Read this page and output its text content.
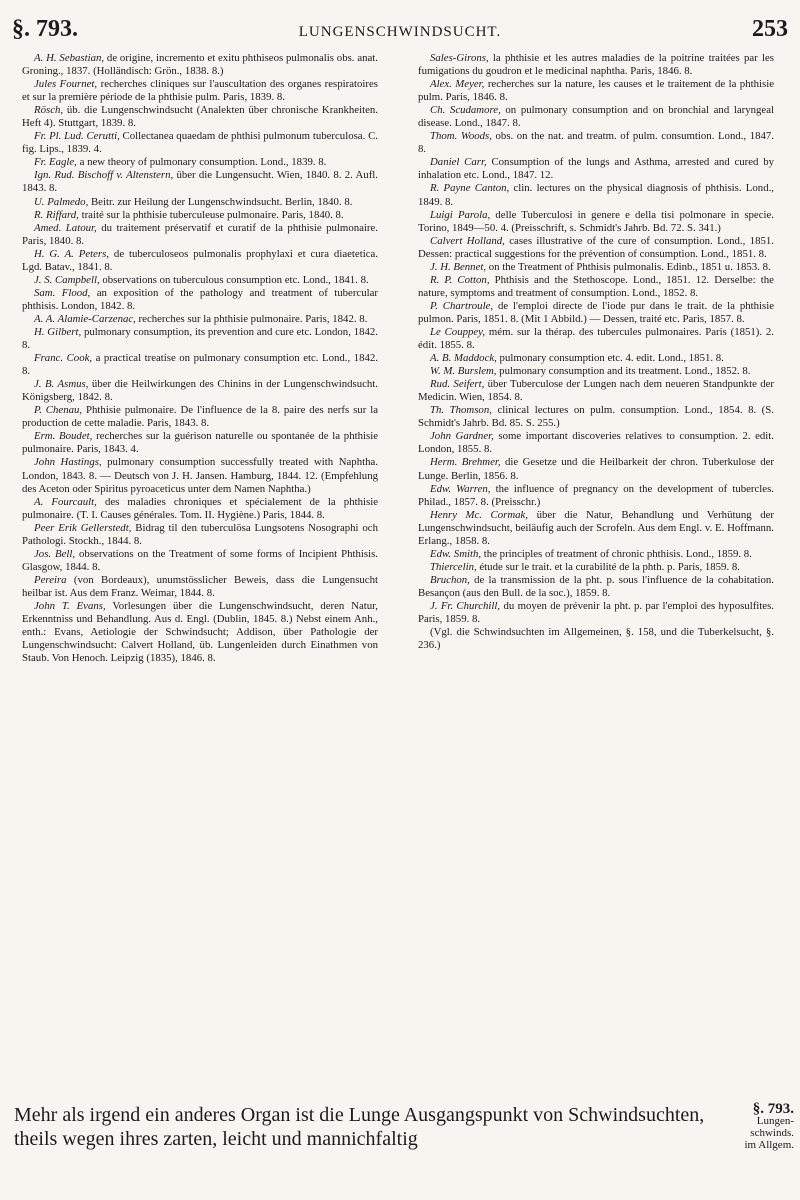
§. 793.	LUNGENSCHWINDSUCHT.	253

A. H. Sebastian, de origine, incremento et exitu phthiseos pulmonalis obs. anat. Groning., 1837. (Holländisch: Grön., 1838. 8.)

Jules Fournet, recherches cliniques sur l'auscultation des organes respiratoires et sur la première période de la phthisie pulm. Paris, 1839. 8.

Rösch, üb. die Lungenschwindsucht (Analekten über chronische Krankheiten. Heft 4). Stuttgart, 1839. 8.

Fr. Pl. Lud. Cerutti, Collectanea quaedam de phthisi pulmonum tuberculosa. C. fig. Lips., 1839. 4.

Fr. Eagle, a new theory of pulmonary consumption. Lond., 1839. 8.

Ign. Rud. Bischoff v. Altenstern, über die Lungensucht. Wien, 1840. 8. 2. Aufl. 1843. 8.

U. Palmedo, Beitr. zur Heilung der Lungenschwindsucht. Berlin, 1840. 8.

R. Riffard, traité sur la phthisie tuberculeuse pulmonaire. Paris, 1840. 8.

Amed. Latour, du traitement préservatif et curatif de la phthisie pulmonaire. Paris, 1840. 8.

H. G. A. Peters, de tuberculoseos pulmonalis prophylaxi et cura diaetetica. Lgd. Batav., 1841. 8.

J. S. Campbell, observations on tuberculous consumption etc. Lond., 1841. 8.

Sam. Flood, an exposition of the pathology and treatment of tubercular phthisis. London, 1842. 8.

A. A. Alamie-Carzenac, recherches sur la phthisie pulmonaire. Paris, 1842. 8.

H. Gilbert, pulmonary consumption, its prevention and cure etc. London, 1842. 8.

Franc. Cook, a practical treatise on pulmonary consumption etc. Lond., 1842. 8.

J. B. Asmus, über die Heilwirkungen des Chinins in der Lungenschwindsucht. Königsberg, 1842. 8.

P. Chenau, Phthisie pulmonaire. De l'influence de la 8. paire des nerfs sur la production de cette maladie. Paris, 1843. 8.

Erm. Boudet, recherches sur la guérison naturelle ou spontanée de la phthisie pulmonaire. Paris, 1843. 4.

John Hastings, pulmonary consumption successfully treated with Naphtha. London, 1843. 8. — Deutsch von J. H. Jansen. Hamburg, 1844. 12. (Empfehlung des Aceton oder Spiritus pyroaceticus unter dem Namen Naphtha.)

A. Fourcault, des maladies chroniques et spécialement de la phthisie pulmonaire. (T. I. Causes générales. Tom. II. Hygiène.) Paris, 1844. 8.

Peer Erik Gellerstedt, Bidrag til den tuberculösa Lungsotens Nosographi och Pathologi. Stockh., 1844. 8.

Jos. Bell, observations on the Treatment of some forms of Incipient Phthisis. Glasgow, 1844. 8.

Pereira (von Bordeaux), unumstösslicher Beweis, dass die Lungensucht heilbar ist. Aus dem Franz. Weimar, 1844. 8.

John T. Evans, Vorlesungen über die Lungenschwindsucht, deren Natur, Erkenntniss und Behandlung. Aus d. Engl. (Dublin, 1845. 8.) Nebst einem Anh., enth.: Evans, Aetiologie der Schwindsucht; Addison, über Pathologie der Lungenschwindsucht: Calvert Holland, üb. Lungenleiden durch Einathmen von Staub. Von Henoch. Leipzig (1835), 1846. 8.

Sales-Girons, la phthisie et les autres maladies de la poitrine traitées par les fumigations du goudron et le medicinal naphtha. Paris, 1846. 8.

Alex. Meyer, recherches sur la nature, les causes et le traitement de la phthisie pulm. Paris, 1846. 8.

Ch. Scudamore, on pulmonary consumption and on bronchial and laryngeal disease. Lond., 1847. 8.

Thom. Woods, obs. on the nat. and treatm. of pulm. consumtion. Lond., 1847. 8.

Daniel Carr, Consumption of the lungs and Asthma, arrested and cured by inhalation etc. Lond., 1847. 12.

R. Payne Canton, clin. lectures on the physical diagnosis of phthisis. Lond., 1849. 8.

Luigi Parola, delle Tuberculosi in genere e della tisi polmonare in specie. Torino, 1849—50. 4. (Preisschrift, s. Schmidt's Jahrb. Bd. 72. S. 341.)

Calvert Holland, cases illustrative of the cure of consumption. Lond., 1851. Dessen: practical suggestions for the prévention of consumption. Lond., 1851. 8.

J. H. Bennet, on the Treatment of Phthisis pulmonalis. Edinb., 1851 u. 1853. 8.

R. P. Cotton, Phthisis and the Stethoscope. Lond., 1851. 12. Derselbe: the nature, symptoms and treatment of consumption. Lond., 1852. 8.

P. Chartroule, de l'emploi directe de l'iode pur dans le trait. de la phthisie pulmon. Paris, 1851. 8. (Mit 1 Abbild.) — Dessen, traité etc. Paris, 1857. 8.

Le Couppey, mém. sur la thérap. des tubercules pulmonaires. Paris (1851). 2. édit. 1855. 8.

A. B. Maddock, pulmonary consumption etc. 4. edit. Lond., 1851. 8.

W. M. Burslem, pulmonary consumption and its treatment. Lond., 1852. 8.

Rud. Seifert, über Tuberculose der Lungen nach dem neueren Standpunkte der Medicin. Wien, 1854. 8.

Th. Thomson, clinical lectures on pulm. consumption. Lond., 1854. 8. (S. Schmidt's Jahrb. Bd. 85. S. 255.)

John Gardner, some important discoveries relatives to consumption. 2. edit. London, 1855. 8.

Herm. Brehmer, die Gesetze und die Heilbarkeit der chron. Tuberkulose der Lunge. Berlin, 1856. 8.

Edw. Warren, the influence of pregnancy on the development of tubercles. Philad., 1857. 8. (Preisschr.)

Henry Mc. Cormak, über die Natur, Behandlung und Verhütung der Lungenschwindsucht, beiläufig auch der Scrofeln. Aus dem Engl. v. E. Hoffmann. Erlang., 1858. 8.

Edw. Smith, the principles of treatment of chronic phthisis. Lond., 1859. 8.

Thiercelin, étude sur le trait. et la curabilité de la phth. p. Paris, 1859. 8.

Bruchon, de la transmission de la pht. p. sous l'influence de la cohabitation. Besançon (aus den Bull. de la soc.), 1859. 8.

J. Fr. Churchill, du moyen de prévenir la pht. p. par l'emploi des hyposulfites. Paris, 1859. 8.

(Vgl. die Schwindsuchten im Allgemeinen, §. 158, und die Tuberkelsucht, §. 236.)

Mehr als irgend ein anderes Organ ist die Lunge Ausgangspunkt von Schwindsuchten, theils wegen ihres zarten, leicht und mannichfaltig
§. 793.
Lungen-
schwinds.
im Allgem.
